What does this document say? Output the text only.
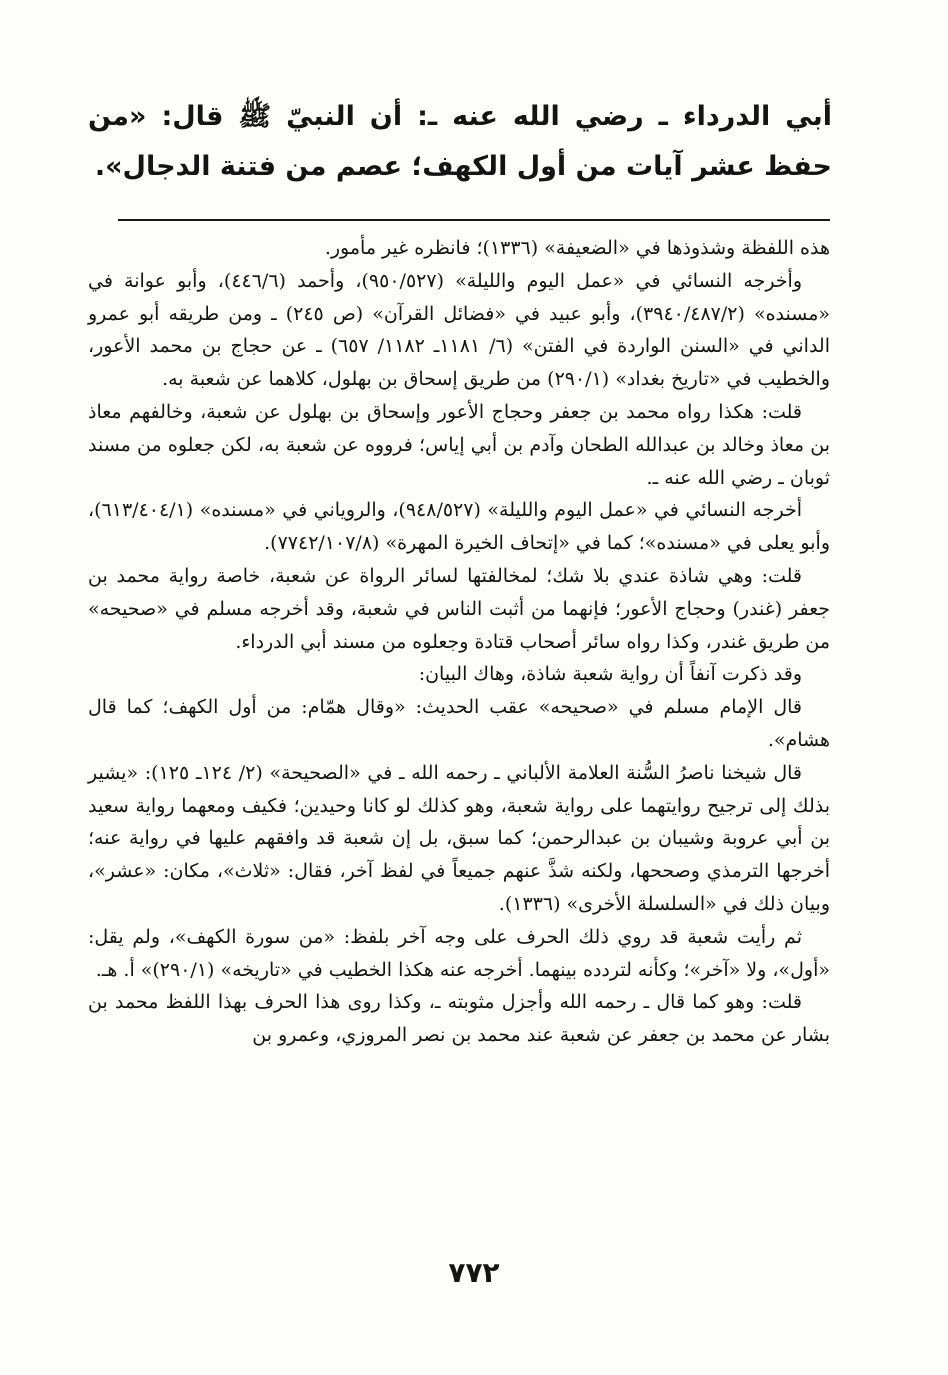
أبي الدرداء ـ رضي الله عنه ـ: أن النبيّ ﷺ قال: «من حفظ عشر آيات من أول الكهف؛ عصم من فتنة الدجال».

هذه اللفظة وشذوذها في «الضعيفة» (١٣٣٦)؛ فانظره غير مأمور.

وأخرجه النسائي في «عمل اليوم والليلة» (٩٥٠/٥٢٧)، وأحمد (٤٤٦/٦)، وأبو عوانة في «مسنده» (٣٩٤٠/٤٨٧/٢)، وأبو عبيد في «فضائل القرآن» (ص ٢٤٥) ـ ومن طريقه أبو عمرو الداني في «السنن الواردة في الفتن» (٦/ ١١٨١ـ ١١٨٢/ ٦٥٧) ـ عن حجاج بن محمد الأعور، والخطيب في «تاريخ بغداد» (٢٩٠/١) من طريق إسحاق بن بهلول، كلاهما عن شعبة به.

قلت: هكذا رواه محمد بن جعفر وحجاج الأعور وإسحاق بن بهلول عن شعبة، وخالفهم معاذ بن معاذ وخالد بن عبدالله الطحان وآدم بن أبي إياس؛ فرووه عن شعبة به، لكن جعلوه من مسند ثوبان ـ رضي الله عنه ـ.

أخرجه النسائي في «عمل اليوم والليلة» (٩٤٨/٥٢٧)، والروياني في «مسنده» (٦١٣/٤٠٤/١)، وأبو يعلى في «مسنده»؛ كما في «إتحاف الخيرة المهرة» (٧٧٤٢/١٠٧/٨).

قلت: وهي شاذة عندي بلا شك؛ لمخالفتها لسائر الرواة عن شعبة، خاصة رواية محمد بن جعفر (غندر) وحجاج الأعور؛ فإنهما من أثبت الناس في شعبة، وقد أخرجه مسلم في «صحيحه» من طريق غندر، وكذا رواه سائر أصحاب قتادة وجعلوه من مسند أبي الدرداء.

وقد ذكرت آنفاً أن رواية شعبة شاذة، وهاك البيان:

قال الإمام مسلم في «صحيحه» عقب الحديث: «وقال همّام: من أول الكهف؛ كما قال هشام».

قال شيخنا ناصرُ السُّنة العلامة الألباني ـ رحمه الله ـ في «الصحيحة» (٢/ ١٢٤ـ ١٢٥): «يشير بذلك إلى ترجيح روايتهما على رواية شعبة، وهو كذلك لو كانا وحيدين؛ فكيف ومعهما رواية سعيد بن أبي عروبة وشيبان بن عبدالرحمن؛ كما سبق، بل إن شعبة قد وافقهم عليها في رواية عنه؛ أخرجها الترمذي وصححها، ولكنه شذَّ عنهم جميعاً في لفظ آخر، فقال: «ثلاث»، مكان: «عشر»، وبيان ذلك في «السلسلة الأخرى» (١٣٣٦).

ثم رأيت شعبة قد روي ذلك الحرف على وجه آخر بلفظ: «من سورة الكهف»، ولم يقل: «أول»، ولا «آخر»؛ وكأنه لتردده بينهما. أخرجه عنه هكذا الخطيب في «تاريخه» (٢٩٠/١)» أ. هـ.

قلت: وهو كما قال ـ رحمه الله وأجزل مثوبته ـ، وكذا روى هذا الحرف بهذا اللفظ محمد بن بشار عن محمد بن جعفر عن شعبة عند محمد بن نصر المروزي، وعمرو بن

٧٧٢
